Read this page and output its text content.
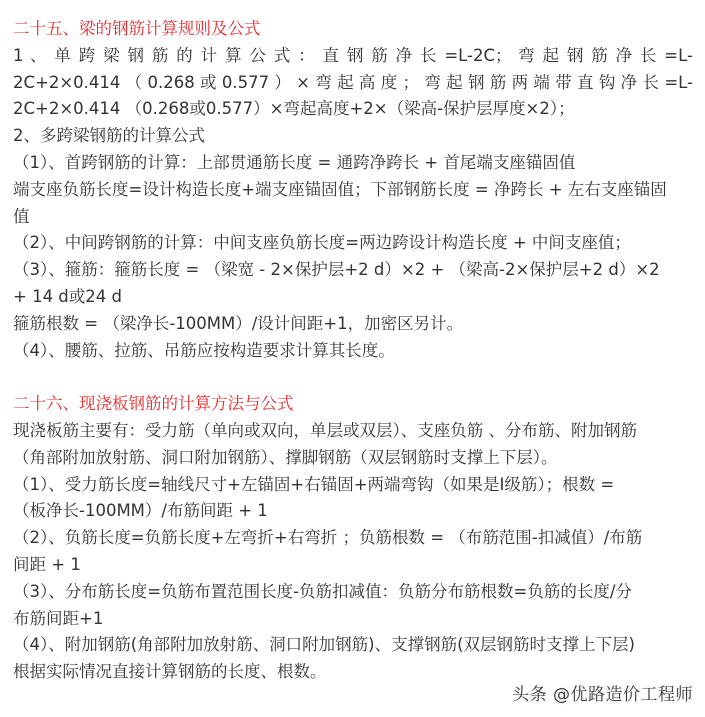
二十五、梁的钢筋计算规则及公式

1 、 单 跨 梁 钢 筋 的 计 算 公 式 ： 直 钢 筋 净 长 =L-2C； 弯 起 钢 筋 净 长 =L-

2C+2×0.414 （ 0.268 或 0.577 ） × 弯 起 高 度 ； 弯 起 钢 筋 两 端 带 直 钩 净 长 =L-

2C+2×0.414 （0.268或0.577）×弯起高度+2×（梁高-保护层厚度×2）；

2、多跨梁钢筋的计算公式

（1）、首跨钢筋的计算：上部贯通筋长度 = 通跨净跨长 + 首尾端支座锚固值

端支座负筋长度=设计构造长度+端支座锚固值；下部钢筋长度 = 净跨长 + 左右支座锚固

值

（2）、中间跨钢筋的计算：中间支座负筋长度=两边跨设计构造长度 + 中间支座值；

（3）、箍筋：箍筋长度 = （梁宽 - 2×保护层+2 d）×2 + （梁高-2×保护层+2 d）×2

+ 14 d或24 d

箍筋根数 = （梁净长-100MM）/设计间距+1，加密区另计。

（4）、腰筋、拉筋、吊筋应按构造要求计算其长度。

二十六、现浇板钢筋的计算方法与公式

现浇板筋主要有：受力筋（单向或双向，单层或双层）、支座负筋 、分布筋、附加钢筋

（角部附加放射筋、洞口附加钢筋）、撑脚钢筋（双层钢筋时支撑上下层）。

（1）、受力筋长度=轴线尺寸+左锚固+右锚固+两端弯钩（如果是Ⅰ级筋）；根数 =

（板净长-100MM）/布筋间距 + 1

（2）、负筋长度=负筋长度+左弯折+右弯折 ；负筋根数 = （布筋范围-扣减值）/布筋

间距 + 1

（3）、分布筋长度=负筋布置范围长度-负筋扣减值：负筋分布筋根数=负筋的长度/分

布筋间距+1

（4）、附加钢筋(角部附加放射筋、洞口附加钢筋)、支撑钢筋(双层钢筋时支撑上下层)

根据实际情况直接计算钢筋的长度、根数。

头条 @优路造价工程师
